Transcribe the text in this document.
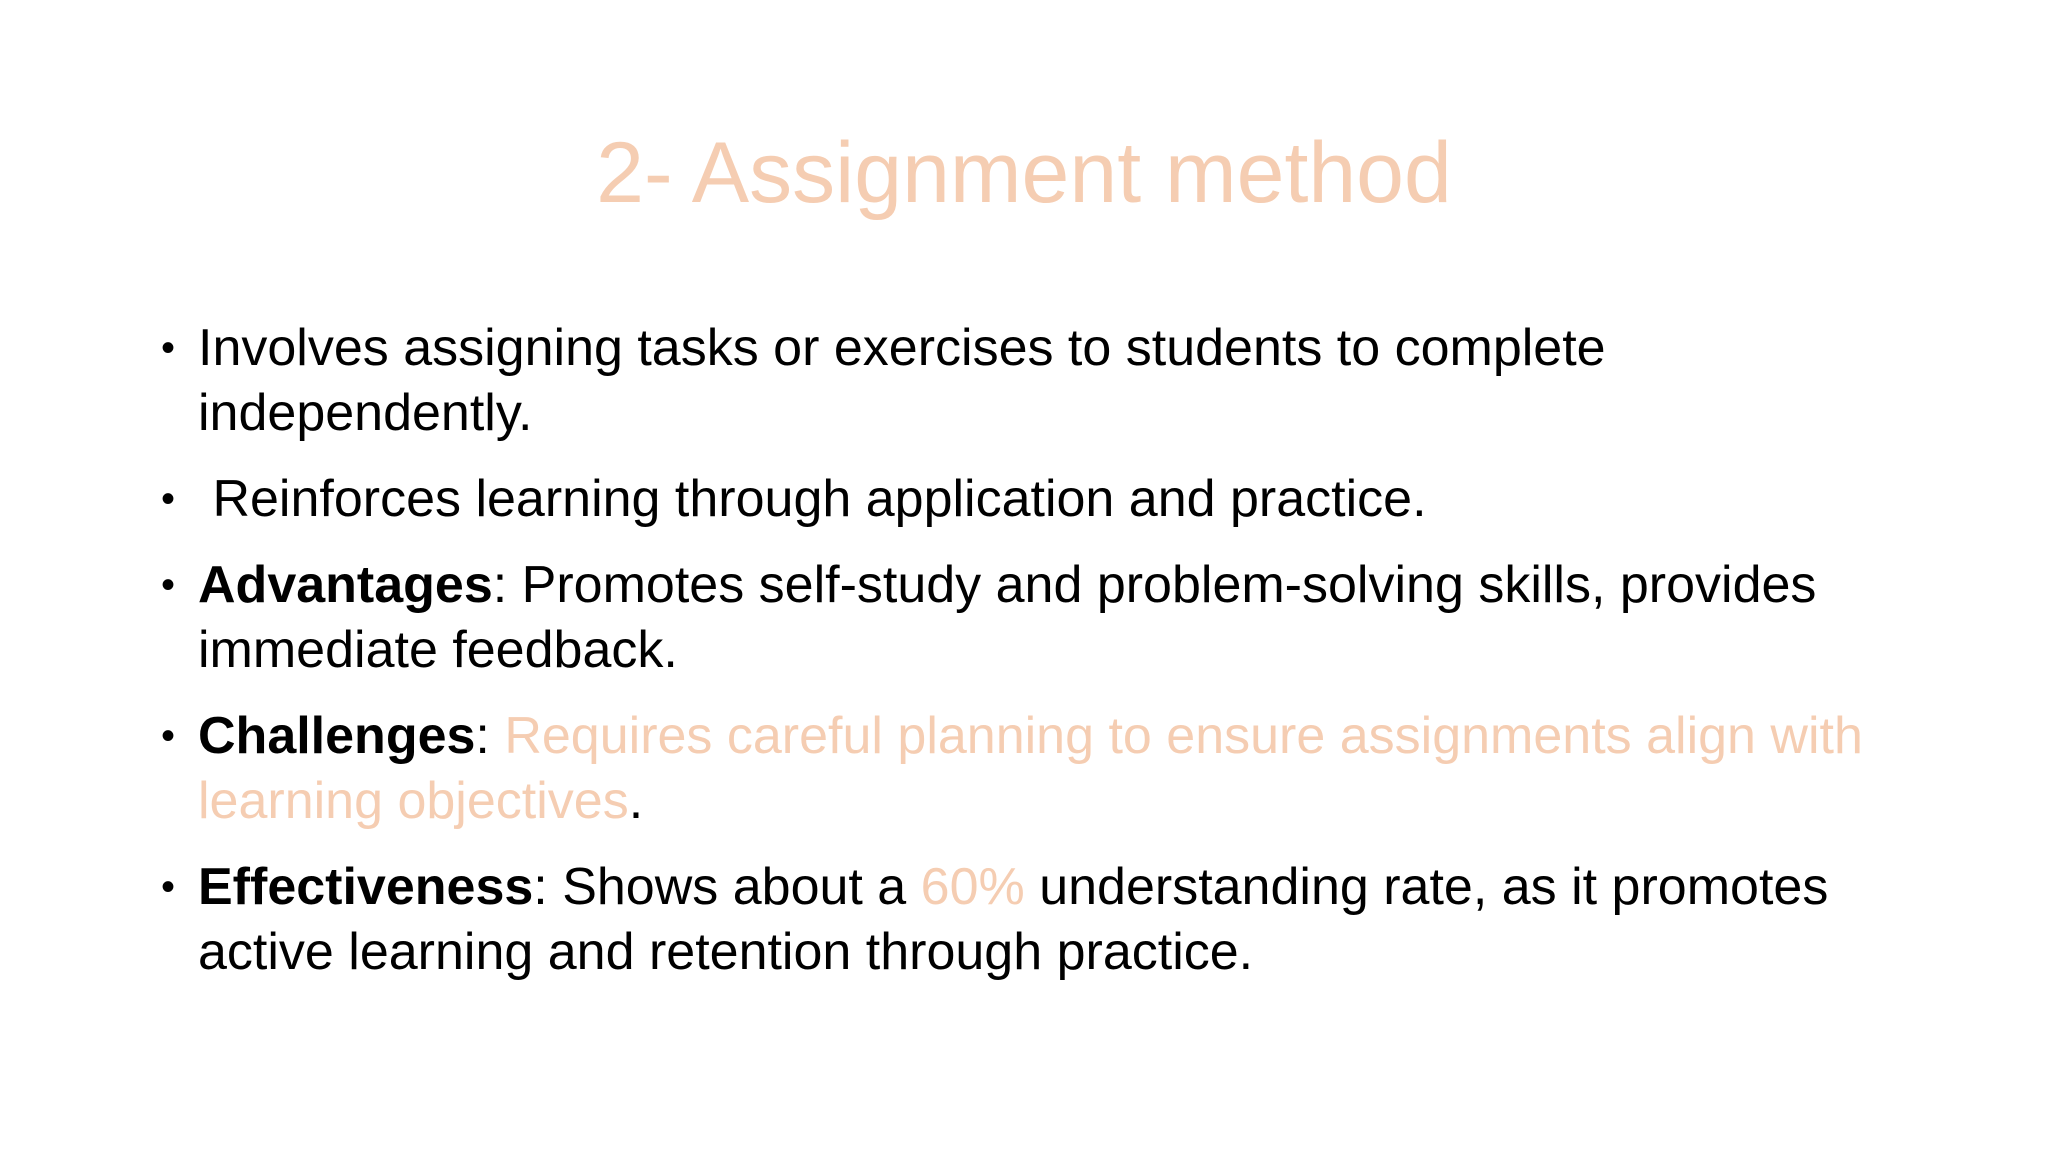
2- Assignment method
• Involves assigning tasks or exercises to students to complete independently.
• Reinforces learning through application and practice.
• Advantages: Promotes self-study and problem-solving skills, provides immediate feedback.
• Challenges: Requires careful planning to ensure assignments align with learning objectives.
• Effectiveness: Shows about a 60% understanding rate, as it promotes active learning and retention through practice.
